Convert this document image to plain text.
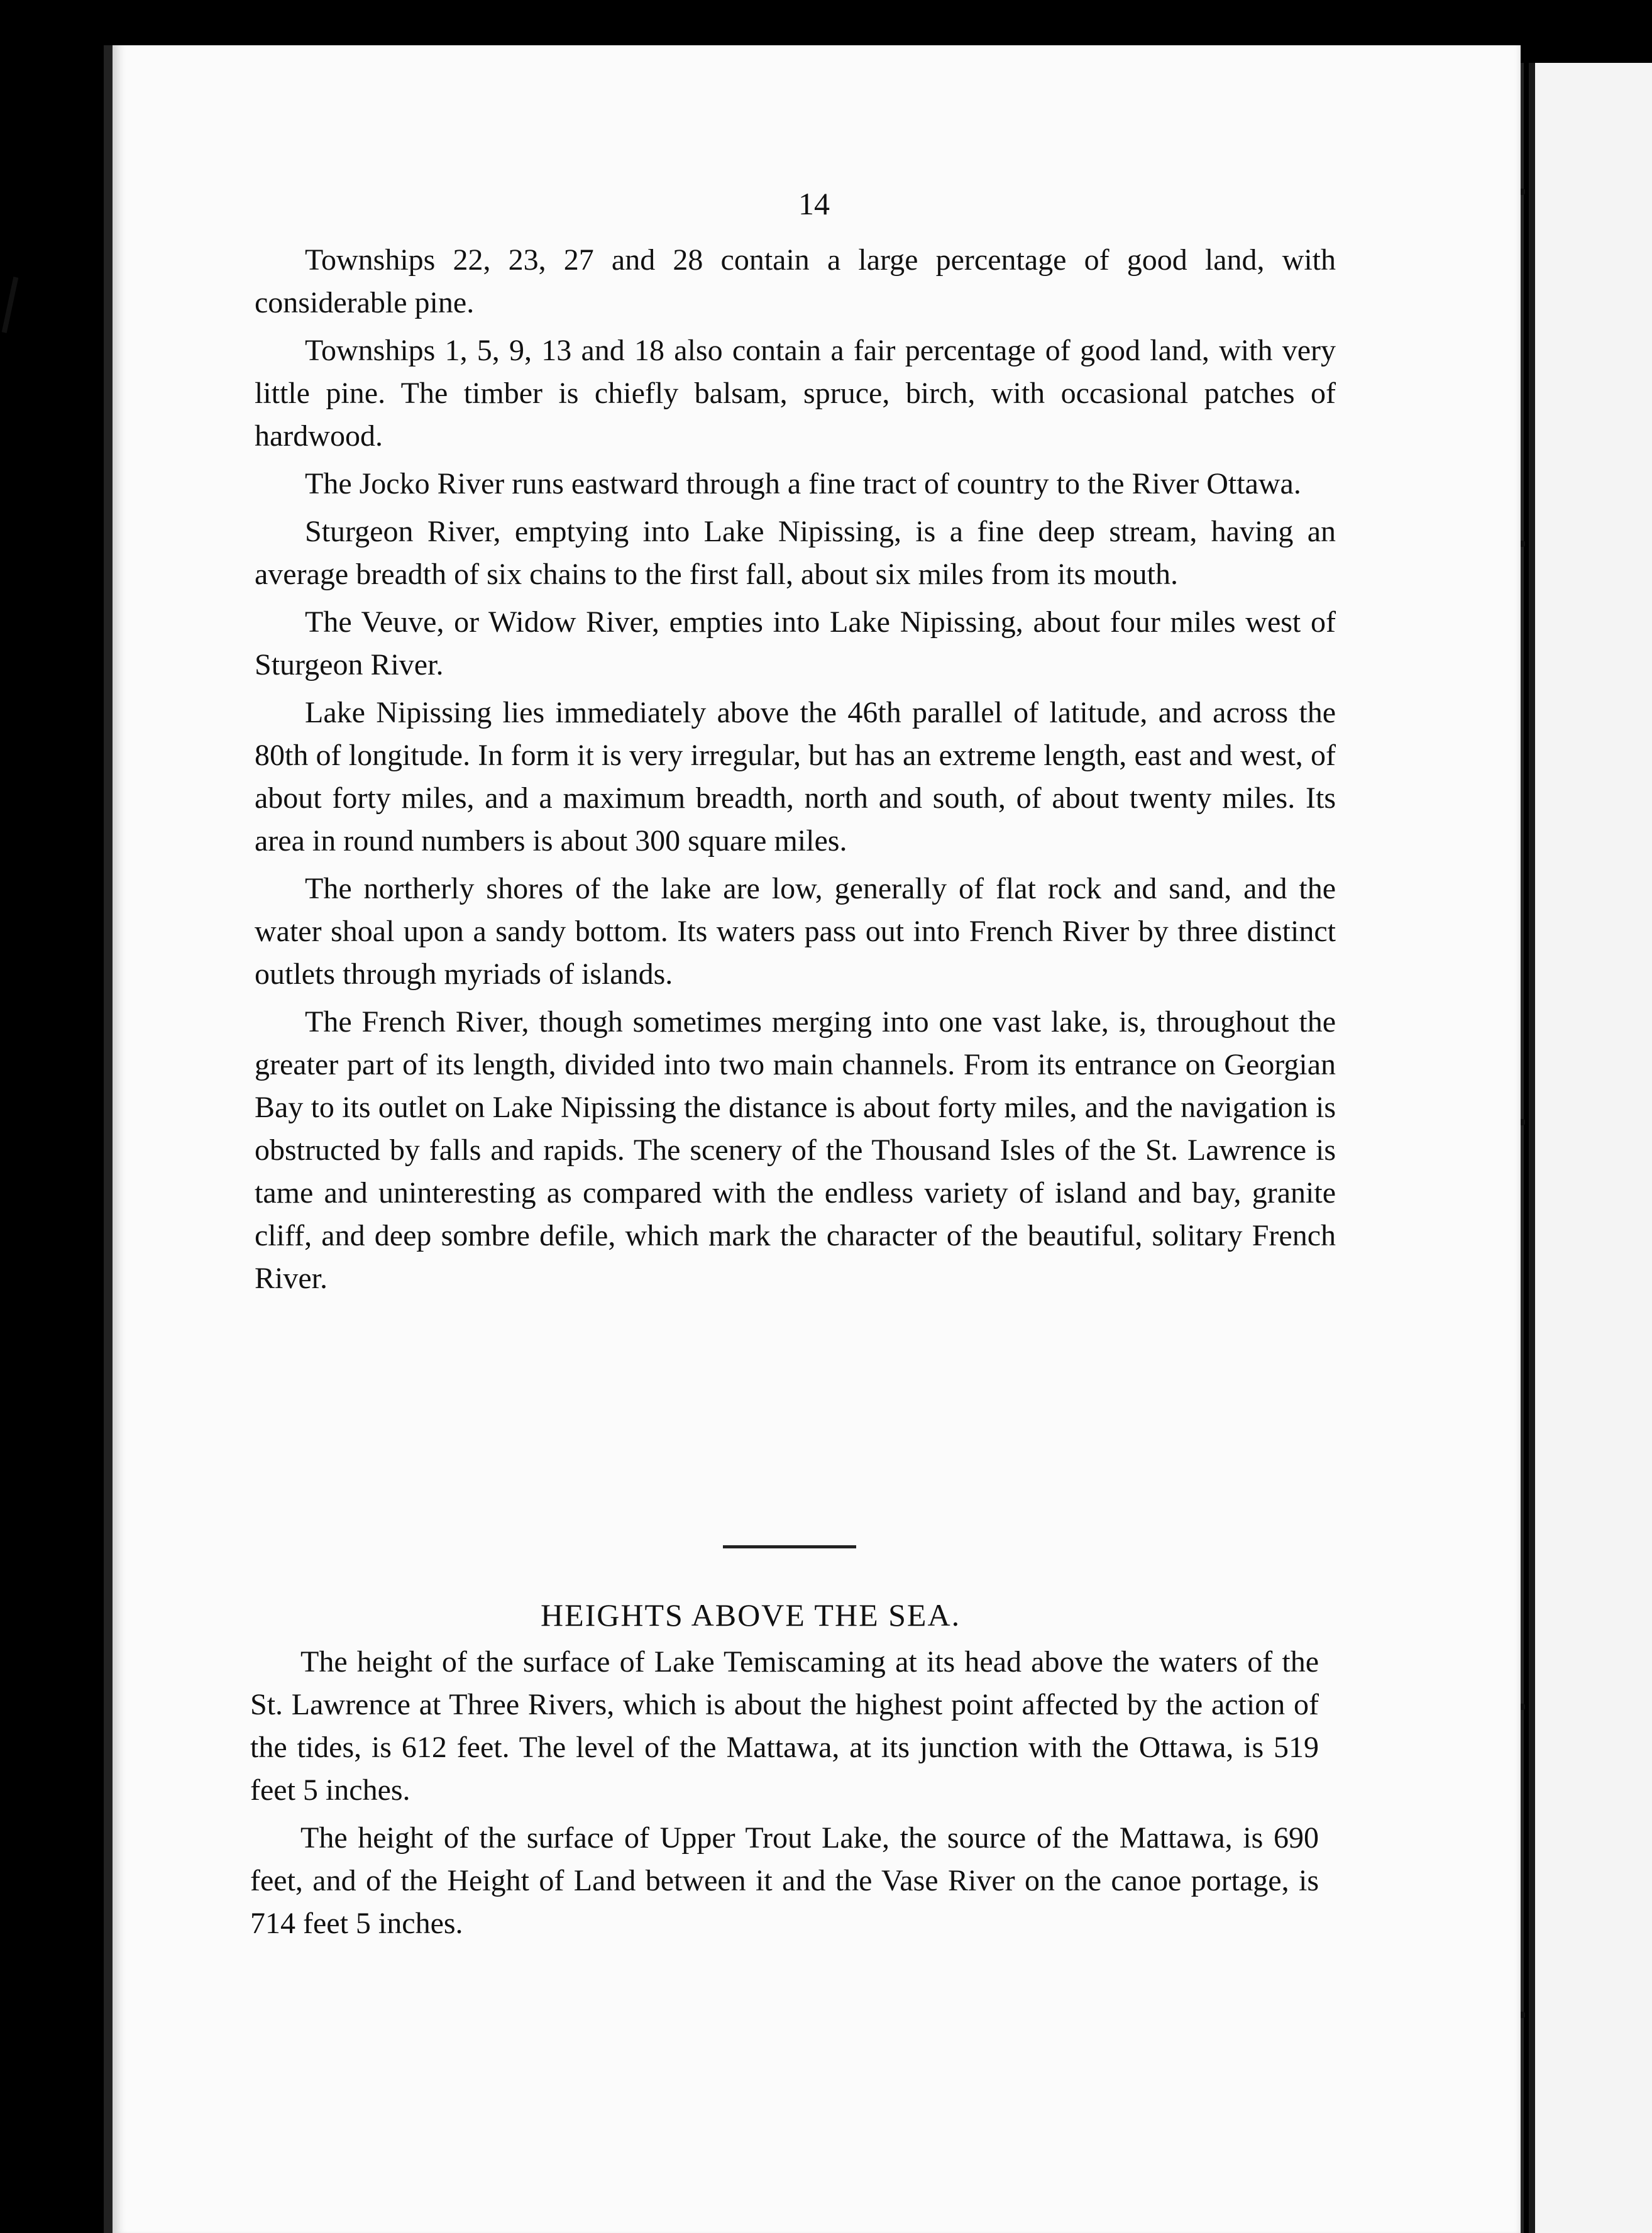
14

Townships 22, 23, 27 and 28 contain a large percentage of good land, with considerable pine.

Townships 1, 5, 9, 13 and 18 also contain a fair percentage of good land, with very little pine. The timber is chiefly balsam, spruce, birch, with occasional patches of hardwood.

The Jocko River runs eastward through a fine tract of country to the River Ottawa.

Sturgeon River, emptying into Lake Nipissing, is a fine deep stream, having an average breadth of six chains to the first fall, about six miles from its mouth.

The Veuve, or Widow River, empties into Lake Nipissing, about four miles west of Sturgeon River.

Lake Nipissing lies immediately above the 46th parallel of latitude, and across the 80th of longitude. In form it is very irregular, but has an extreme length, east and west, of about forty miles, and a maximum breadth, north and south, of about twenty miles. Its area in round numbers is about 300 square miles.

The northerly shores of the lake are low, generally of flat rock and sand, and the water shoal upon a sandy bottom. Its waters pass out into French River by three distinct outlets through myriads of islands.

The French River, though sometimes merging into one vast lake, is, throughout the greater part of its length, divided into two main channels. From its entrance on Georgian Bay to its outlet on Lake Nipissing the distance is about forty miles, and the navigation is obstructed by falls and rapids. The scenery of the Thousand Isles of the St. Lawrence is tame and uninteresting as compared with the endless variety of island and bay, granite cliff, and deep sombre defile, which mark the character of the beautiful, solitary French River.

HEIGHTS ABOVE THE SEA.

The height of the surface of Lake Temiscaming at its head above the waters of the St. Lawrence at Three Rivers, which is about the highest point affected by the action of the tides, is 612 feet. The level of the Mattawa, at its junction with the Ottawa, is 519 feet 5 inches.

The height of the surface of Upper Trout Lake, the source of the Mattawa, is 690 feet, and of the Height of Land between it and the Vase River on the canoe portage, is 714 feet 5 inches.
